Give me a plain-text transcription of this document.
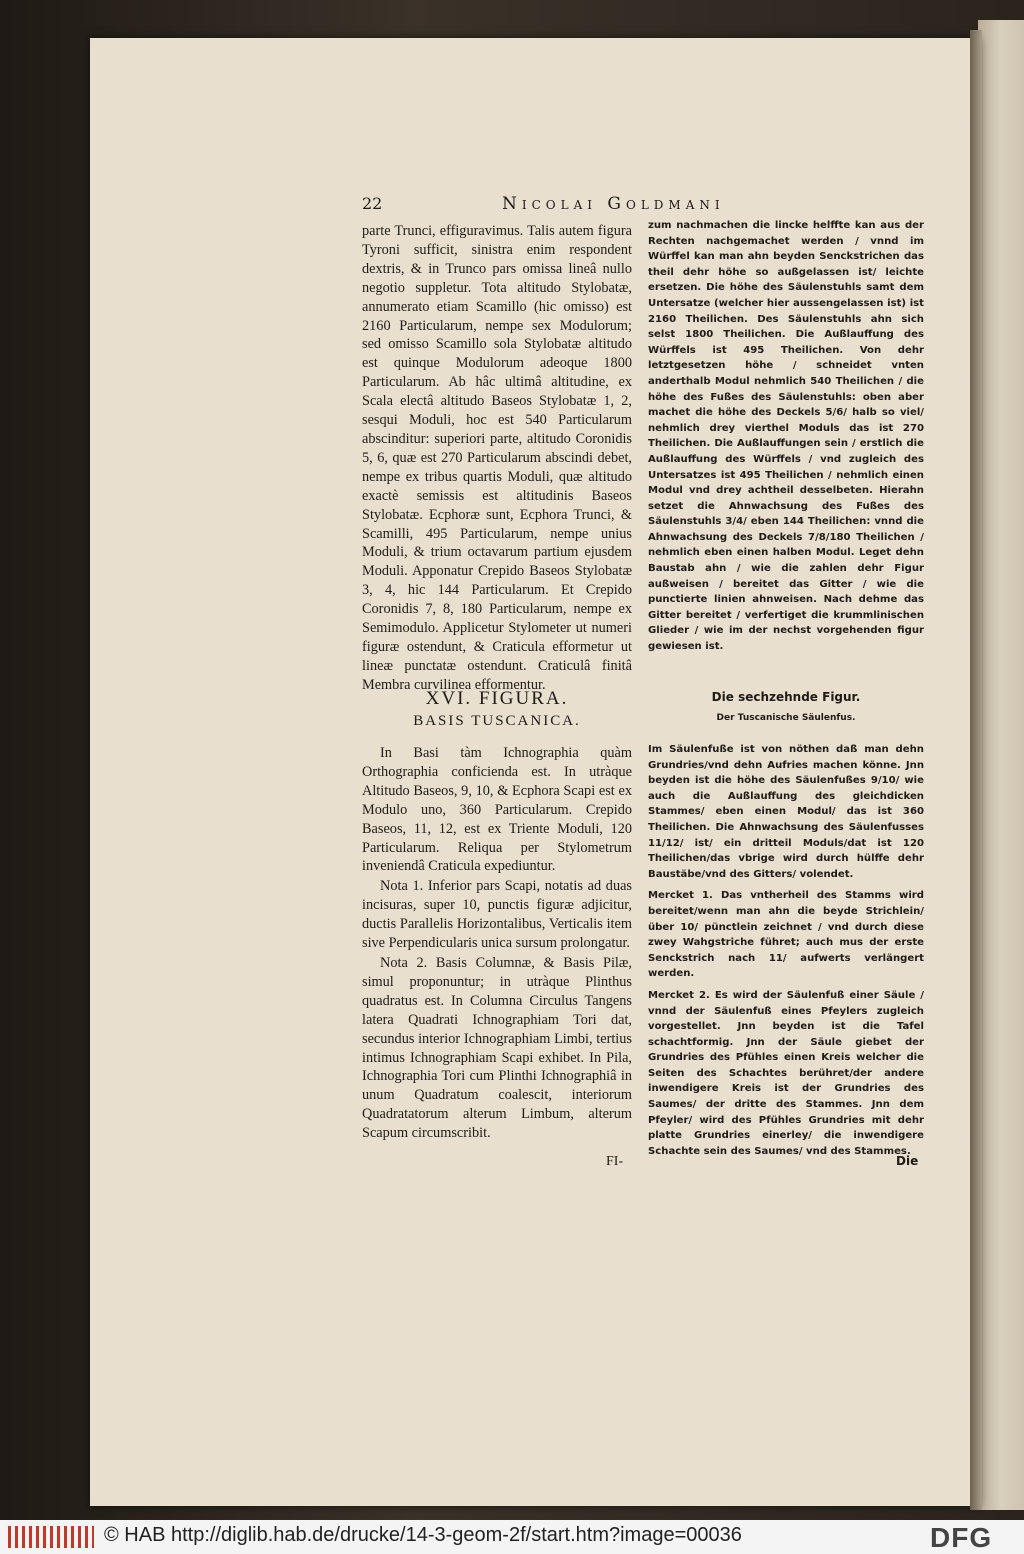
22	Nicolai Goldmani

parte Trunci, effiguravimus. Talis autem figura Tyroni sufficit, sinistra enim respondent dextris, & in Trunco pars omissa lineâ nullo negotio suppletur. Tota altitudo Stylobatæ, annumerato etiam Scamillo (hic omisso) est 2160 Particularum, nempe sex Modulorum; sed omisso Scamillo sola Stylobatæ altitudo est quinque Modulorum adeoque 1800 Particularum. Ab hâc ultimâ altitudine, ex Scala electâ altitudo Baseos Stylobatæ 1, 2, sesqui Moduli, hoc est 540 Particularum abscinditur: superiori parte, altitudo Coronidis 5, 6, quæ est 270 Particularum abscindi debet, nempe ex tribus quartis Moduli, quæ altitudo exactè semissis est altitudinis Baseos Stylobatæ. Ecphoræ sunt, Ecphora Trunci, & Scamilli, 495 Particularum, nempe unius Moduli, & trium octavarum partium ejusdem Moduli. Apponatur Crepido Baseos Stylobatæ 3, 4, hic 144 Particularum. Et Crepido Coronidis 7, 8, 180 Particularum, nempe ex Semimodulo. Applicetur Stylometer ut numeri figuræ ostendunt, & Craticula efformetur ut lineæ punctatæ ostendunt. Craticulâ finitâ Membra curvilinea efformentur.

zum nachmachen die lincke helffte kan aus der Rechten nachgemachet werden / vnnd im Würffel kan man ahn beyden Senckstrichen das theil dehr höhe so außgelassen ist/ leichte ersetzen. Die höhe des Säulenstuhls samt dem Untersatze (welcher hier aussengelassen ist) ist 2160 Theilichen. Des Säulenstuhls ahn sich selst 1800 Theilichen. Die Außlauffung des Würffels ist 495 Theilichen. Von dehr letztgesetzen höhe / schneidet vnten anderthalb Modul nehmlich 540 Theilichen / die höhe des Fußes des Säulenstuhls: oben aber machet die höhe des Deckels 5/6/ halb so viel/ nehmlich drey vierthel Moduls das ist 270 Theilichen. Die Außlauffungen sein / erstlich die Außlauffung des Würffels / vnd zugleich des Untersatzes ist 495 Theilichen / nehmlich einen Modul vnd drey achtheil desselbeten. Hierahn setzet die Ahnwachsung des Fußes des Säulenstuhls 3/4/ eben 144 Theilichen: vnnd die Ahnwachsung des Deckels 7/8/180 Theilichen / nehmlich eben einen halben Modul. Leget dehn Baustab ahn / wie die zahlen dehr Figur außweisen / bereitet das Gitter / wie die punctierte linien ahnweisen. Nach dehme das Gitter bereitet / verfertiget die krummlinischen Glieder / wie im der nechst vorgehenden figur gewiesen ist.

XVI. FIGURA.
BASIS TUSCANICA.
Die sechzehnde Figur.
Der Tuscanische Säulenfus.

In Basi tàm Ichnographia quàm Orthographia conficienda est. In utràque Altitudo Baseos, 9, 10, & Ecphora Scapi est ex Modulo uno, 360 Particularum. Crepido Baseos, 11, 12, est ex Triente Moduli, 120 Particularum. Reliqua per Stylometrum inveniendâ Craticula expediuntur.

Nota 1. Inferior pars Scapi, notatis ad duas incisuras, super 10, punctis figuræ adjicitur, ductis Parallelis Horizontalibus, Verticalis item sive Perpendicularis unica sursum prolongatur.

Nota 2. Basis Columnæ, & Basis Pilæ, simul proponuntur; in utràque Plinthus quadratus est. In Columna Circulus Tangens latera Quadrati Ichnographiam Tori dat, secundus interior Ichnographiam Limbi, tertius intimus Ichnographiam Scapi exhibet. In Pila, Ichnographia Tori cum Plinthi Ichnographiâ in unum Quadratum coalescit, interiorum Quadratatorum alterum Limbum, alterum Scapum circumscribit.

Im Säulenfuße ist von nöthen daß man dehn Grundries/vnd dehn Aufries machen könne. Jnn beyden ist die höhe des Säulenfußes 9/10/ wie auch die Außlauffung des gleichdicken Stammes/ eben einen Modul/ das ist 360 Theilichen. Die Ahnwachsung des Säulenfusses 11/12/ ist/ ein dritteil Moduls/dat ist 120 Theilichen/das vbrige wird durch hülffe dehr Baustäbe/vnd des Gitters/ volendet.

Mercket 1. Das vntherheil des Stamms wird bereitet/wenn man ahn die beyde Strichlein/ über 10/ pünctlein zeichnet / vnd durch diese zwey Wahgstriche führet; auch mus der erste Senckstrich nach 11/ aufwerts verlängert werden.

Mercket 2. Es wird der Säulenfuß einer Säule / vnnd der Säulenfuß eines Pfeylers zugleich vorgestellet. Jnn beyden ist die Tafel schachtformig. Jnn der Säule giebet der Grundries des Pfühles einen Kreis welcher die Seiten des Schachtes berühret/der andere inwendigere Kreis ist der Grundries des Saumes/ der dritte des Stammes. Jnn dem Pfeyler/ wird des Pfühles Grundries mit dehr platte Grundries einerley/ die inwendigere Schachte sein des Saumes/ vnd des Stammes.

FI-	Die
© HAB http://diglib.hab.de/drucke/14-3-geom-2f/start.htm?image=00036	DFG
